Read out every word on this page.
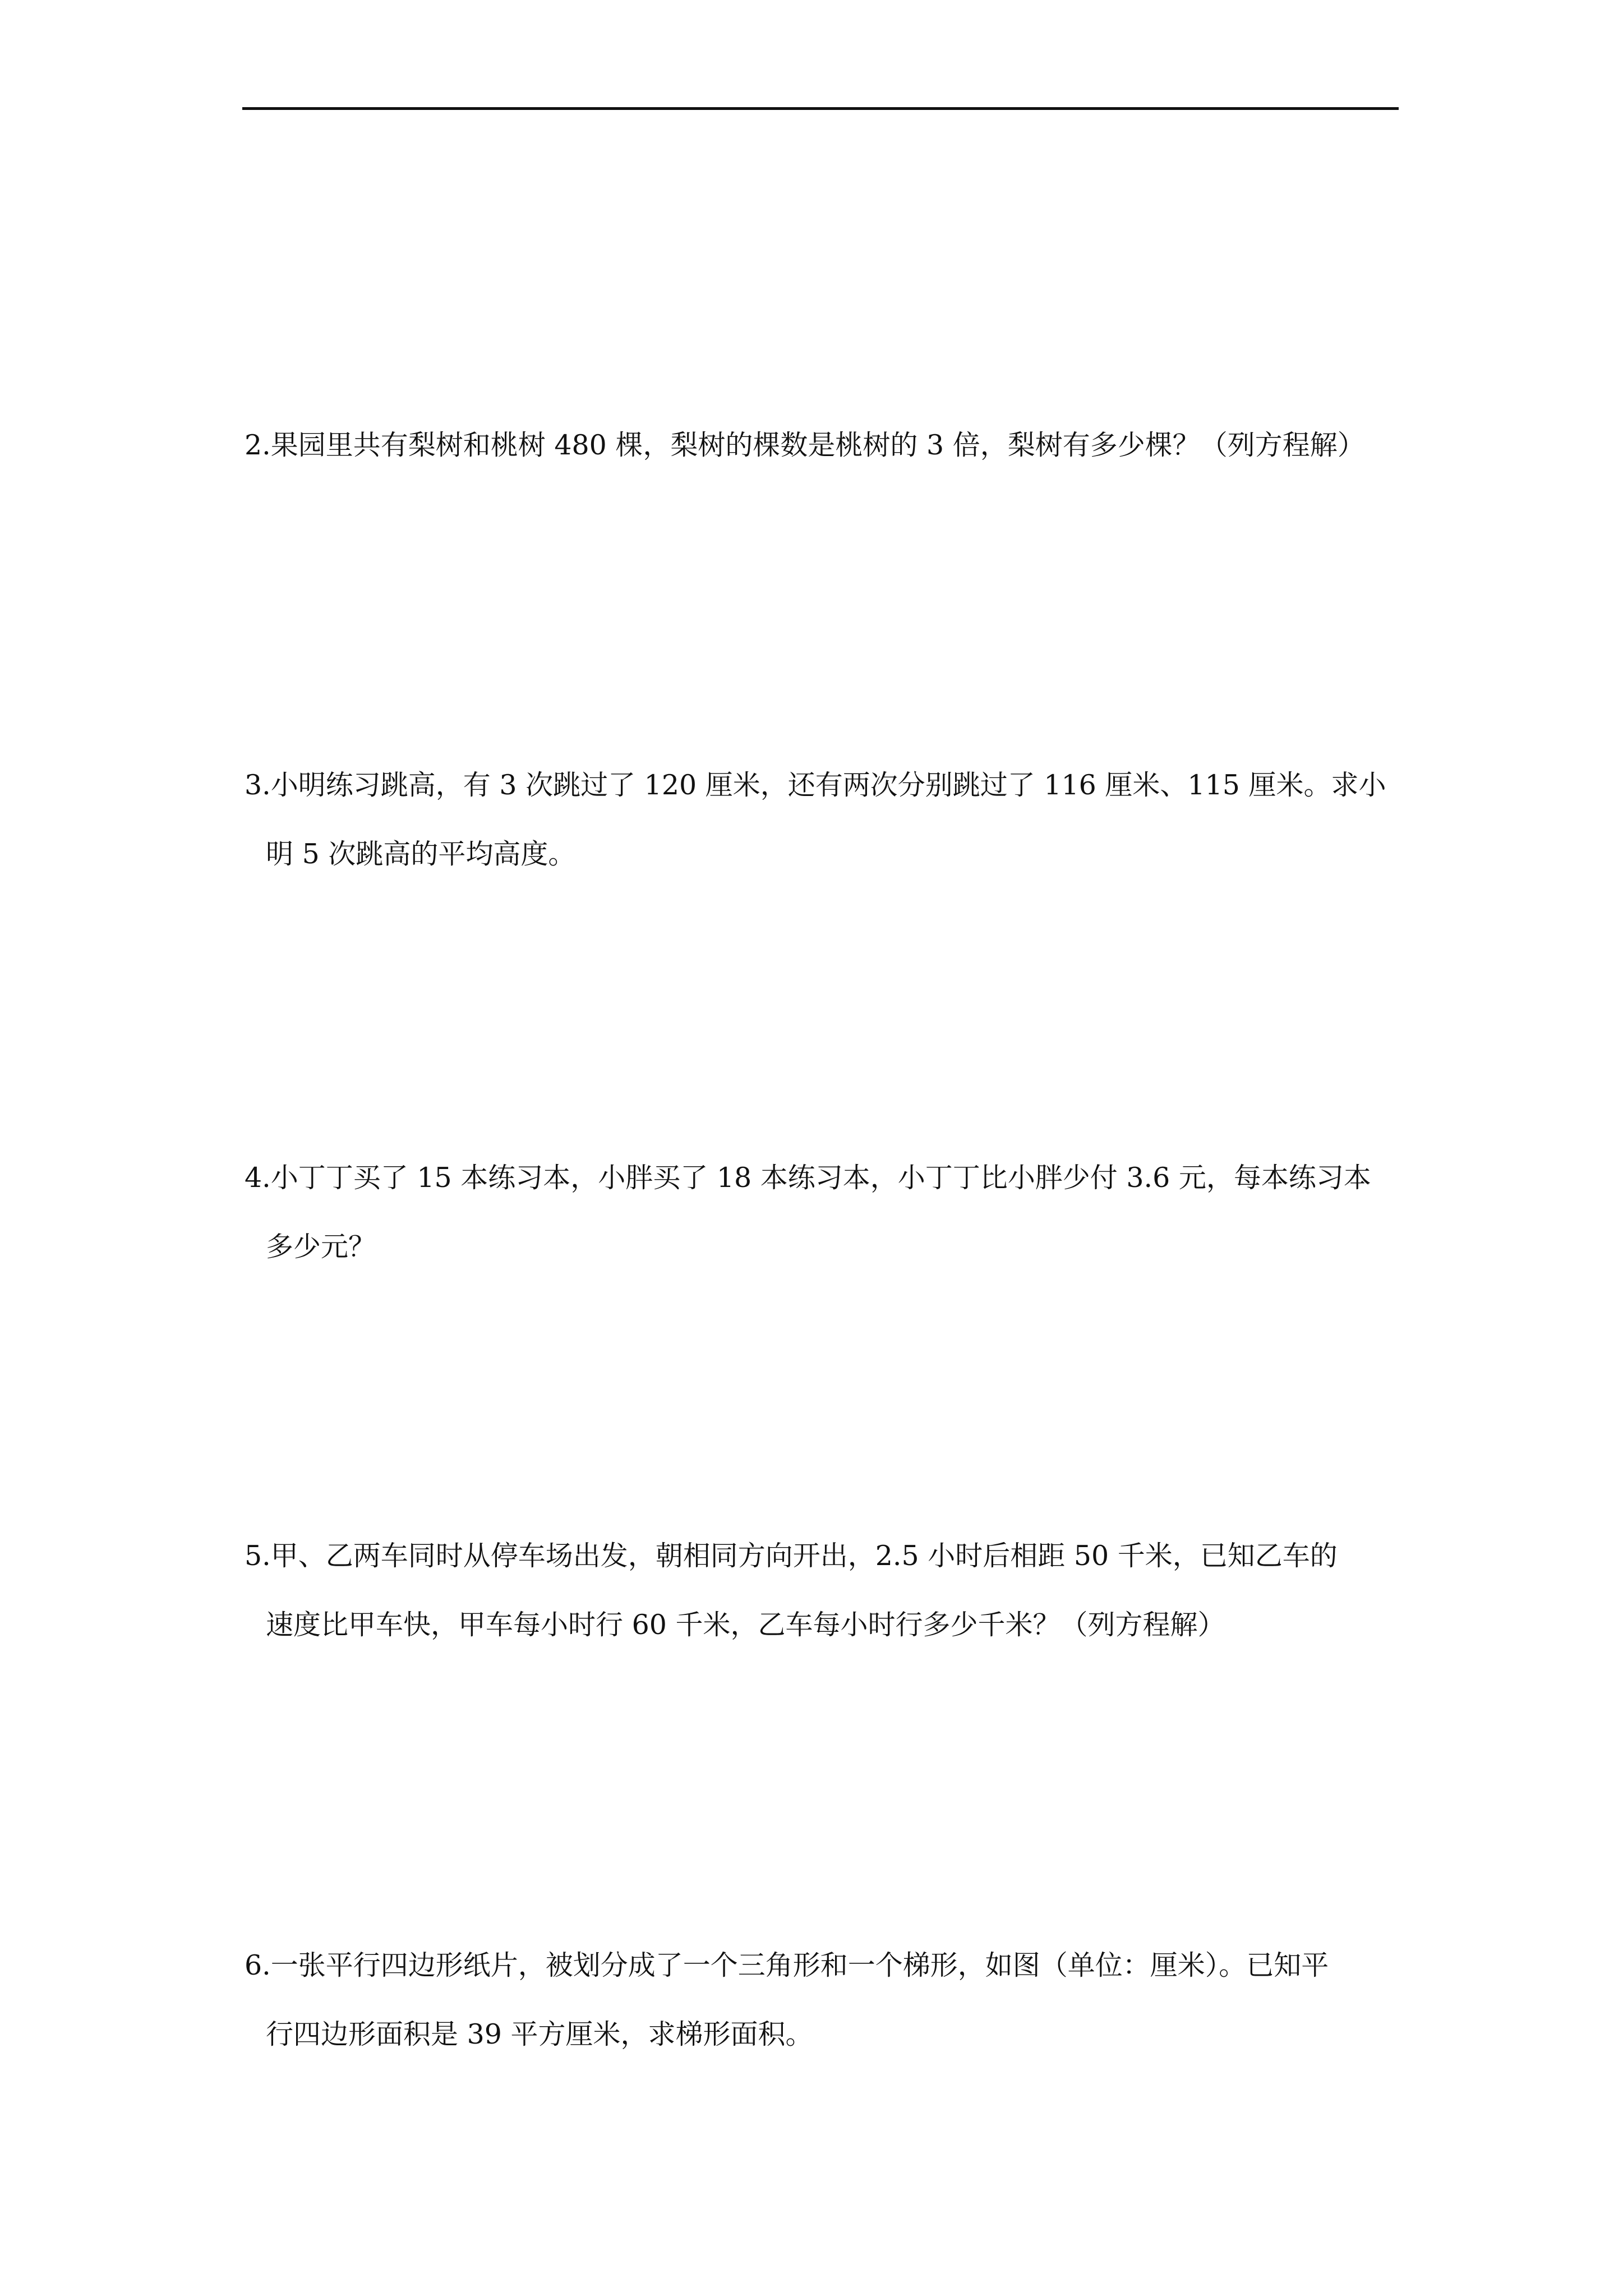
2.果园里共有梨树和桃树 480 棵，梨树的棵数是桃树的 3 倍，梨树有多少棵？（列方程解）
3.小明练习跳高，有 3 次跳过了 120 厘米，还有两次分别跳过了 116 厘米、115 厘米。求小
明 5 次跳高的平均高度。
4.小丁丁买了 15 本练习本，小胖买了 18 本练习本，小丁丁比小胖少付 3.6 元，每本练习本
多少元？
5.甲、乙两车同时从停车场出发，朝相同方向开出，2.5 小时后相距 50 千米，已知乙车的
速度比甲车快，甲车每小时行 60 千米，乙车每小时行多少千米？（列方程解）
6.一张平行四边形纸片，被划分成了一个三角形和一个梯形，如图（单位：厘米）。已知平
行四边形面积是 39 平方厘米，求梯形面积。
